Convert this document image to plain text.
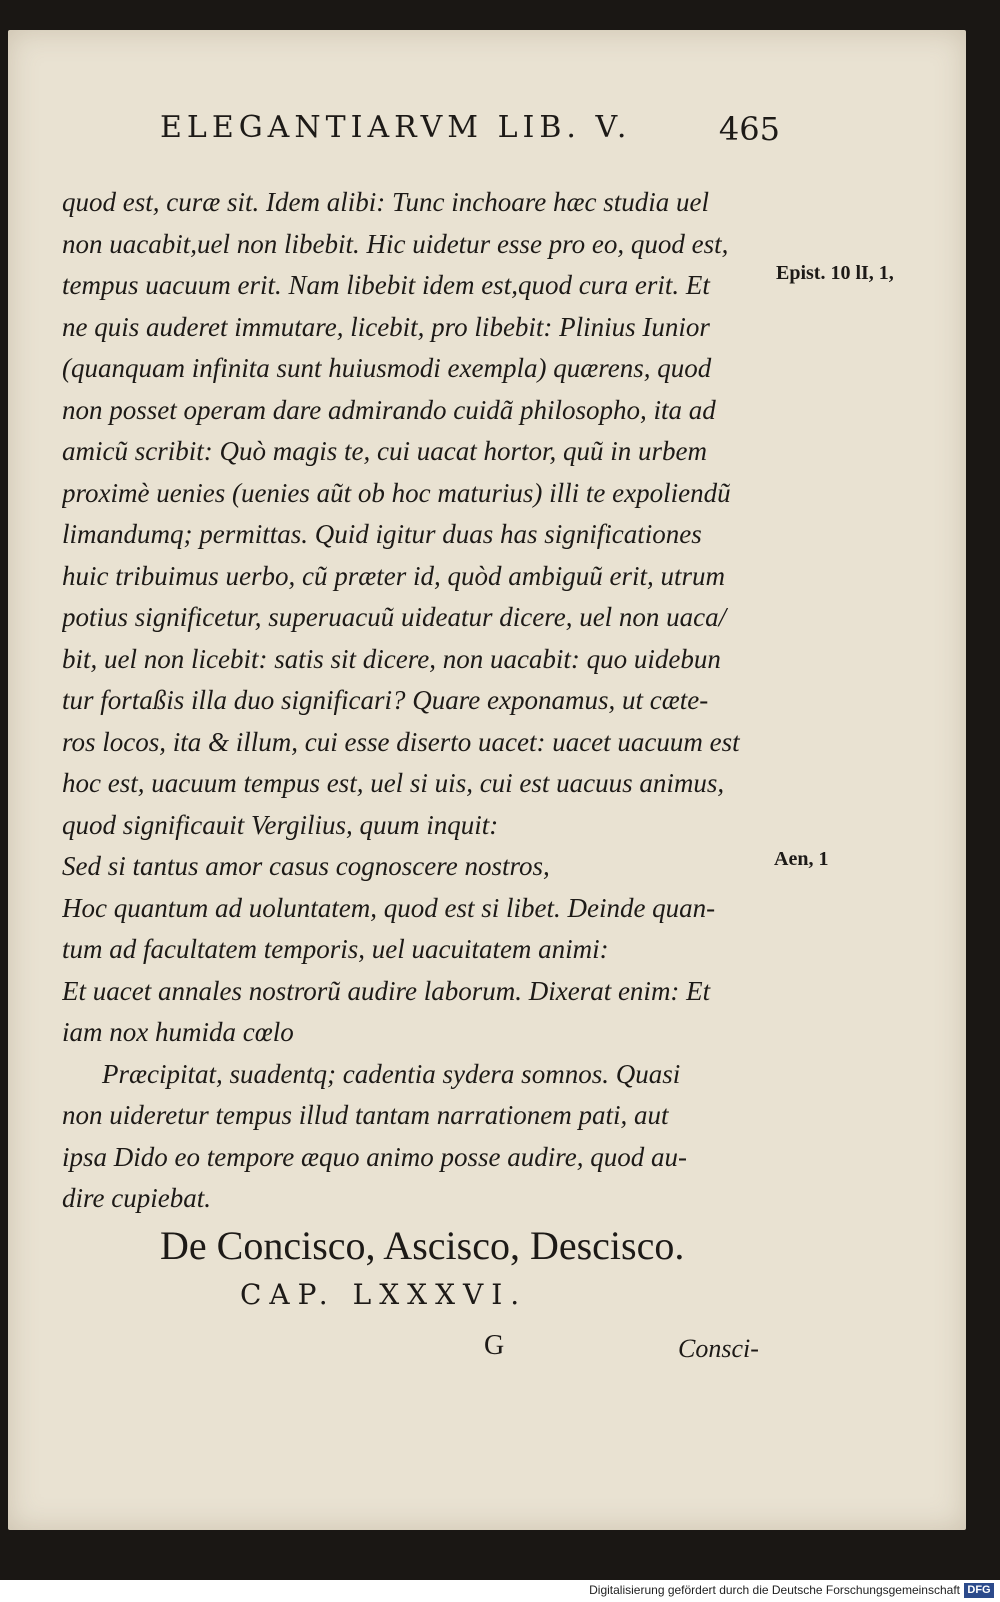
ELEGANTIARVM LIB. V.	465
quod est, curæ sit. Idem alibi: Tunc inchoare hæc studia uel
non uacabit,uel non libebit. Hic uidetur esse pro eo, quod est,
tempus uacuum erit. Nam libebit idem est,quod cura erit. Et
ne quis auderet immutare, licebit, pro libebit: Plinius Iunior
(quanquam infinita sunt huiusmodi exempla) quærens, quod
non posset operam dare admirando cuidã philosopho, ita ad
amicũ scribit: Quò magis te, cui uacat hortor, quũ in urbem
proximè uenies (uenies aũt ob hoc maturius) illi te expoliendũ
limandumq; permittas. Quid igitur duas has significationes
huic tribuimus uerbo, cũ præter id, quòd ambiguũ erit, utrum
potius significetur, superuacuũ uideatur dicere, uel non uaca/
bit, uel non licebit: satis sit dicere, non uacabit: quo uidebun
tur fortaßis illa duo significari? Quare exponamus, ut cæte-
ros locos, ita & illum, cui esse diserto uacet: uacet uacuum est
hoc est, uacuum tempus est, uel si uis, cui est uacuus animus,
quod significauit Vergilius, quum inquit:
Sed si tantus amor casus cognoscere nostros,
Hoc quantum ad uoluntatem, quod est si libet. Deinde quan-
tum ad facultatem temporis, uel uacuitatem animi:
Et uacet annales nostrorũ audire laborum. Dixerat enim: Et
iam nox humida cœlo
Præcipitat, suadentq; cadentia sydera somnos. Quasi
non uideretur tempus illud tantam narrationem pati, aut
ipsa Dido eo tempore æquo animo posse audire, quod au-
dire cupiebat.
Epist. 10 lI, 1,
Aen, 1
De Concisco, Ascisco, Descisco.
CAP. LXXXVI.
G	Consci-
Digitalisierung gefördert durch die Deutsche Forschungsgemeinschaft DFG
